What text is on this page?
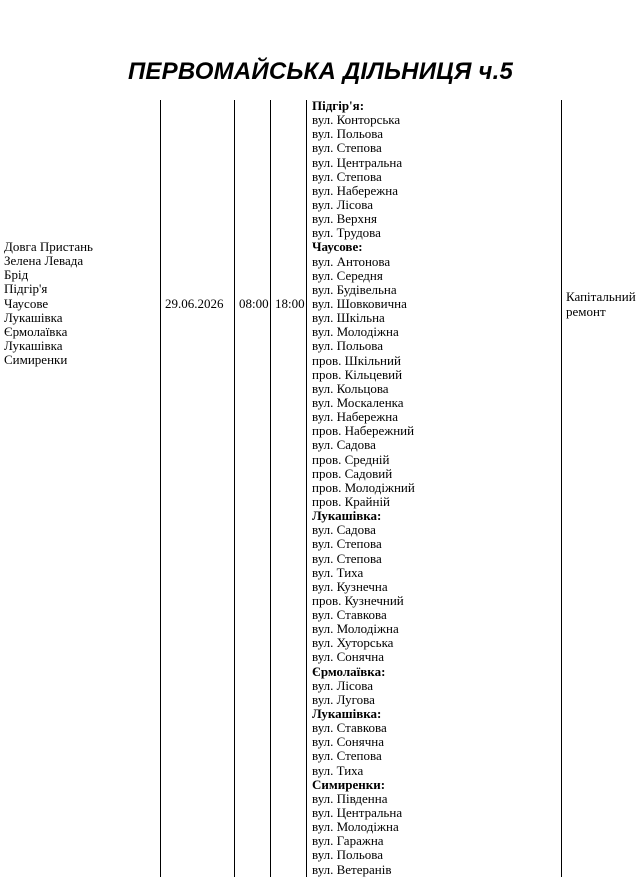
ПЕРВОМАЙСЬКА ДІЛЬНИЦЯ ч.5
Довга Пристань
Зелена Левада
Брід
Підгір'я
Чаусове
Лукашівка
Єрмолаївка
Лукашівка
Симиренки
29.06.2026 08:00 18:00
Підгір'я:
вул. Конторська
вул. Польова
вул. Степова
вул. Центральна
вул. Степова
вул. Набережна
вул. Лісова
вул. Верхня
вул. Трудова
Чаусове:
вул. Антонова
вул. Середня
вул. Будівельна
вул. Шовковична
вул. Шкільна
вул. Молодіжна
вул. Польова
пров. Шкільний
пров. Кільцевий
вул. Кольцова
вул. Москаленка
вул. Набережна
пров. Набережний
вул. Садова
пров. Средній
пров. Садовий
пров. Молодіжний
пров. Крайній
Лукашівка:
вул. Садова
вул. Степова
вул. Степова
вул. Тиха
вул. Кузнечна
пров. Кузнечний
вул. Ставкова
вул. Молодіжна
вул. Хуторська
вул. Сонячна
Єрмолаївка:
вул. Лісова
вул. Лугова
Лукашівка:
вул. Ставкова
вул. Сонячна
вул. Степова
вул. Тиха
Симиренки:
вул. Південна
вул. Центральна
вул. Молодіжна
вул. Гаражна
вул. Польова
вул. Ветеранів
Капітальний
ремонт
